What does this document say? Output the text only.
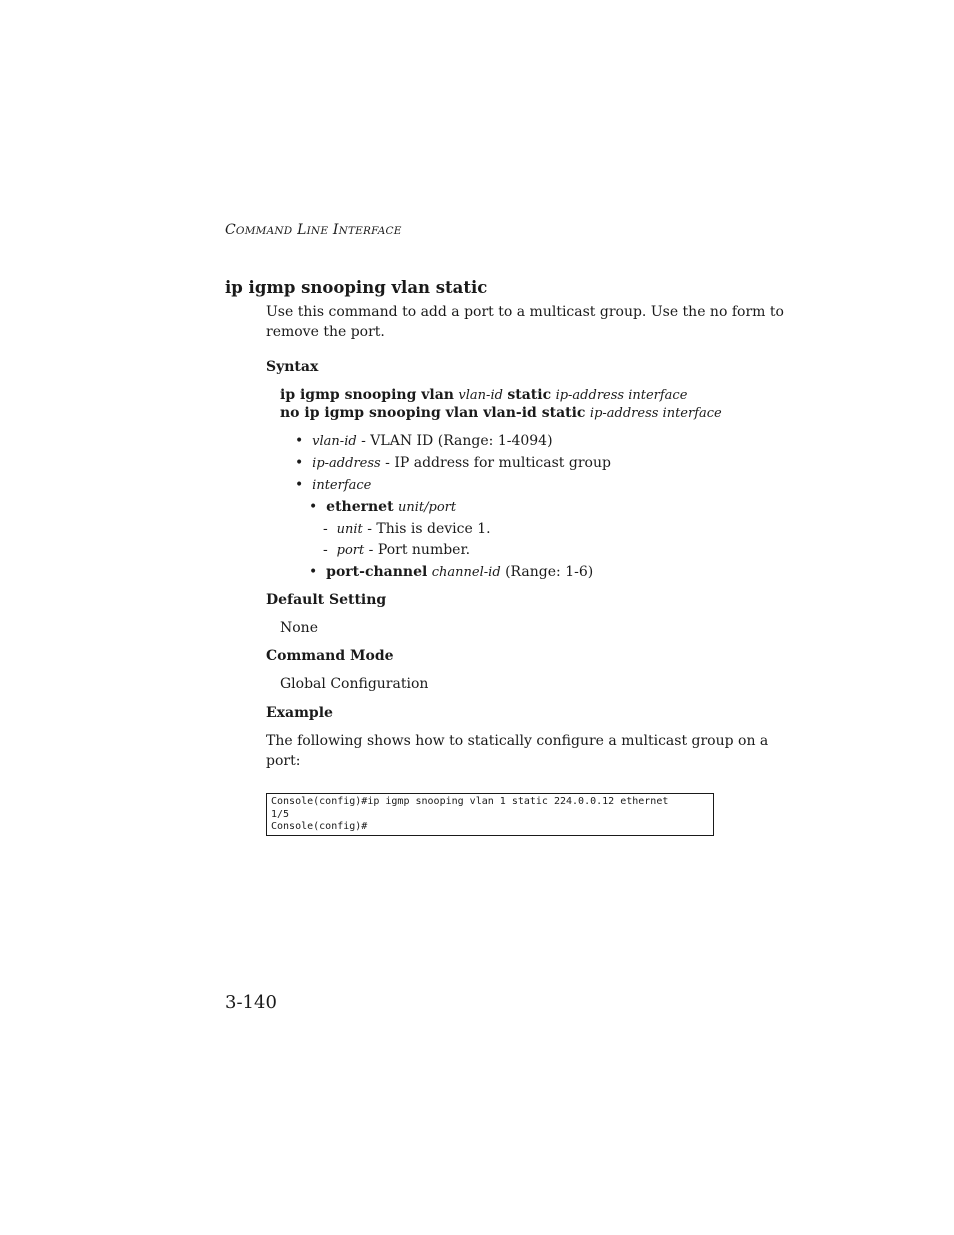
COMMAND LINE INTERFACE
ip igmp snooping vlan static
Use this command to add a port to a multicast group. Use the no form to
remove the port.
Syntax
ip igmp snooping vlan vlan-id static ip-address interface
no ip igmp snooping vlan vlan-id static ip-address interface
• vlan-id - VLAN ID (Range: 1-4094)
• ip-address - IP address for multicast group
• interface
• ethernet unit/port
- unit - This is device 1.
- port - Port number.
• port-channel channel-id (Range: 1-6)
Default Setting
None
Command Mode
Global Configuration
Example
The following shows how to statically configure a multicast group on a
port:
Console(config)#ip igmp snooping vlan 1 static 224.0.0.12 ethernet
1/5
Console(config)#
3-140
